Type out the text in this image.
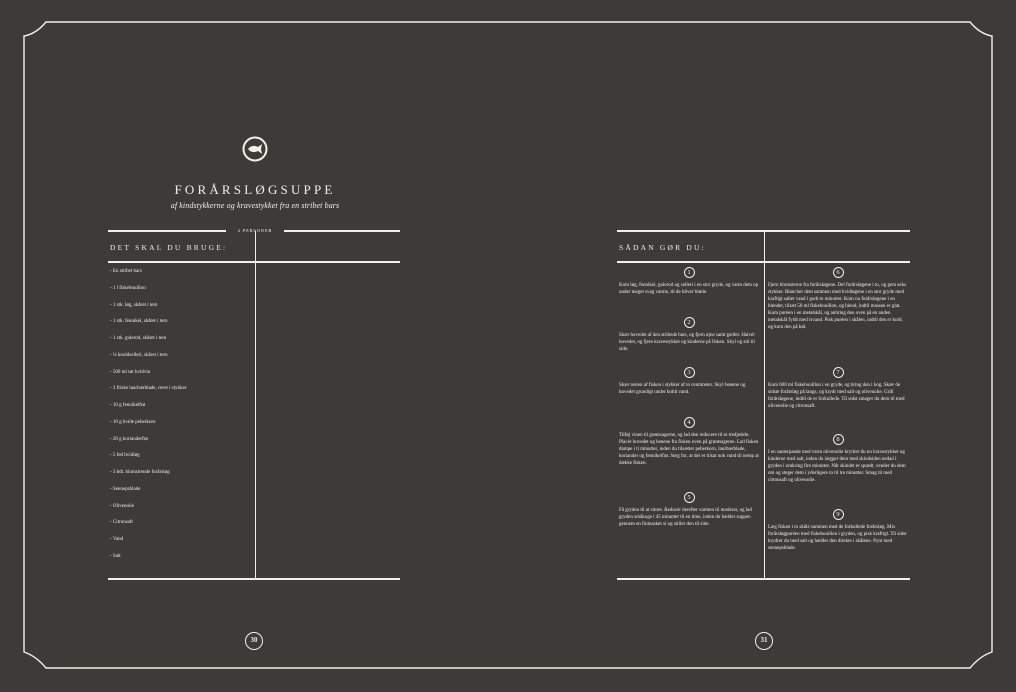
FORÅRSLØGSUPPE
af kindstykkerne og kravestykket fra en stribet bars
2 PERSONER
DET SKAL DU BRUGE:
- En stribet bars
- 1 l fiskebouillon
- 1 stk. løg, skåret i tern
- 1 stk. fennikel, skåret i tern
- 1 stk. gulerod, skåret i tern
- ¼ knoldselleri, skåret i tern
- 500 ml tør hvidvin
- 3 friske laurbærblade, revet i stykker
- 10 g fennikelfrø
- 10 g hvide peberkorn
- 20 g korianderfrø
- 5 fed hvidløg
- 3 bdt. blomstrende forårsløg
- Sennepsblade
- Olivenolie
- Citronsaft
- Vand
- Salt
30
SÅDAN GØR DU:
31
1
Kom løg, fennikel, gulerod og selleri i en stor gryde, og varm dem op under meget svag varme, til de bliver bløde.
2
Skær hovedet af den stribede bars, og fjern øjne samt gæller. Halvér hovedet, og fjern kravestykket og kinderne på fisken. Skyl og stil til side.
3
Skær resten af fisken i stykker af to centimeter. Skyl benene og hovedet grundigt under koldt vand.
4
Tilføj vinen til grøntsagerne, og lad den reducere til to tredjedele. Placér hovedet og benene fra fisken oven på grøntsagerne. Lad fisken dampe i ti minutter, inden du tilsætter peberkorn, laurbærblade, koriander og fennikelfrø. Sørg for, at der er tilsat nok vand til netop at dække fisken.
5
Få gryden til at simre. Reducér derefter varmen til moderat, og lad gryden småkoge i 45 minutter til en time, inden du hælder suppen gennem en finmasket si og stiller den til side.
6
Fjern blomsterne fra forårsløgene. Del forårsløgene i to, og gem seks stykker. Blancher dem sammen med hvidløgene i en stor gryde med kraftigt saltet vand i godt to minutter. Kom nu forårsløgene i en blender, tilsæt 50 ml fiskebouillon, og blend, indtil massen er glat. Kom puréen i en metalskål, og anbring den oven på en anden metalskål fyldt med isvand. Pisk puréen i skålen, indtil den er kold, og kom den på køl.
7
Kom 600 ml fiskebouillon i en gryde, og bring den i kog. Skær de sidste forårsløg på langs, og krydr med salt og olivenolie. Grill forårsløgene, indtil de er forkullede. Til sidst smager du dem til med olivenolie og citronsaft.
8
I en sauterpande med varm olivenolie krydrer du nu kravestykket og kinderne med salt, inden du lægger dem med skindsiden nedad i gryden i omkring fire minutter. Når skindet er sprødt, vender du dem om og steger dem i yderligere to til tre minutter. Smag til med citronsaft og olivenolie.
9
Læg fisken i to skåle sammen med de forkullede forårsløg. Mix forårsløgpuréen med fiskebouillon i gryden, og pisk kraftigt. Til sidst krydrer du med salt og hælder den direkte i skålene. Pynt med sennepsblade.
